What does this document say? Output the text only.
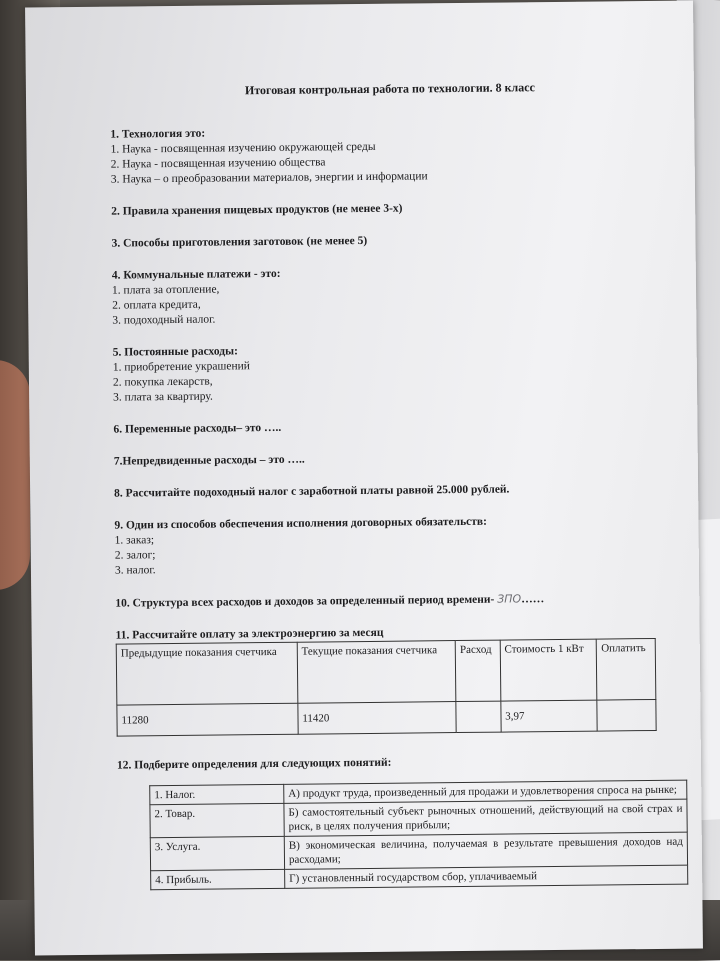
Итоговая контрольная работа по технологии. 8 класс
1. Технология это:
1. Наука - посвященная изучению окружающей среды
2. Наука - посвященная изучению общества
3. Наука – о преобразовании материалов, энергии и информации
2. Правила хранения пищевых продуктов (не менее 3-х)
3. Способы приготовления заготовок (не менее 5)
4. Коммунальные платежи - это:
1. плата за отопление,
2. оплата кредита,
3. подоходный налог.
5. Постоянные расходы:
1. приобретение украшений
2. покупка лекарств,
3. плата за квартиру.
6. Переменные расходы– это …..
7.Непредвиденные расходы – это …..
8. Рассчитайте подоходный налог с заработной платы равной 25.000 рублей.
9. Один из способов обеспечения исполнения договорных обязательств:
1. заказ;
2. залог;
3. налог.
10. Структура всех расходов и доходов за определенный период времени- ЗПО……
11. Рассчитайте оплату за электроэнергию за месяц
Предыдущие показания счетчика	Текущие показания счетчика	Расход	Стоимость 1 кВт	Оплатить
11280	11420		3,97	
12. Подберите определения для следующих понятий:
1. Налог.	А) продукт труда, произведенный для продажи и удовлетворения спроса на рынке;
2. Товар.	Б) самостоятельный субъект рыночных отношений, действующий на свой страх и риск, в целях получения прибыли;
3. Услуга.	В) экономическая величина, получаемая в результате превышения доходов над расходами;
4. Прибыль.	Г) установленный государством сбор, уплачиваемый
